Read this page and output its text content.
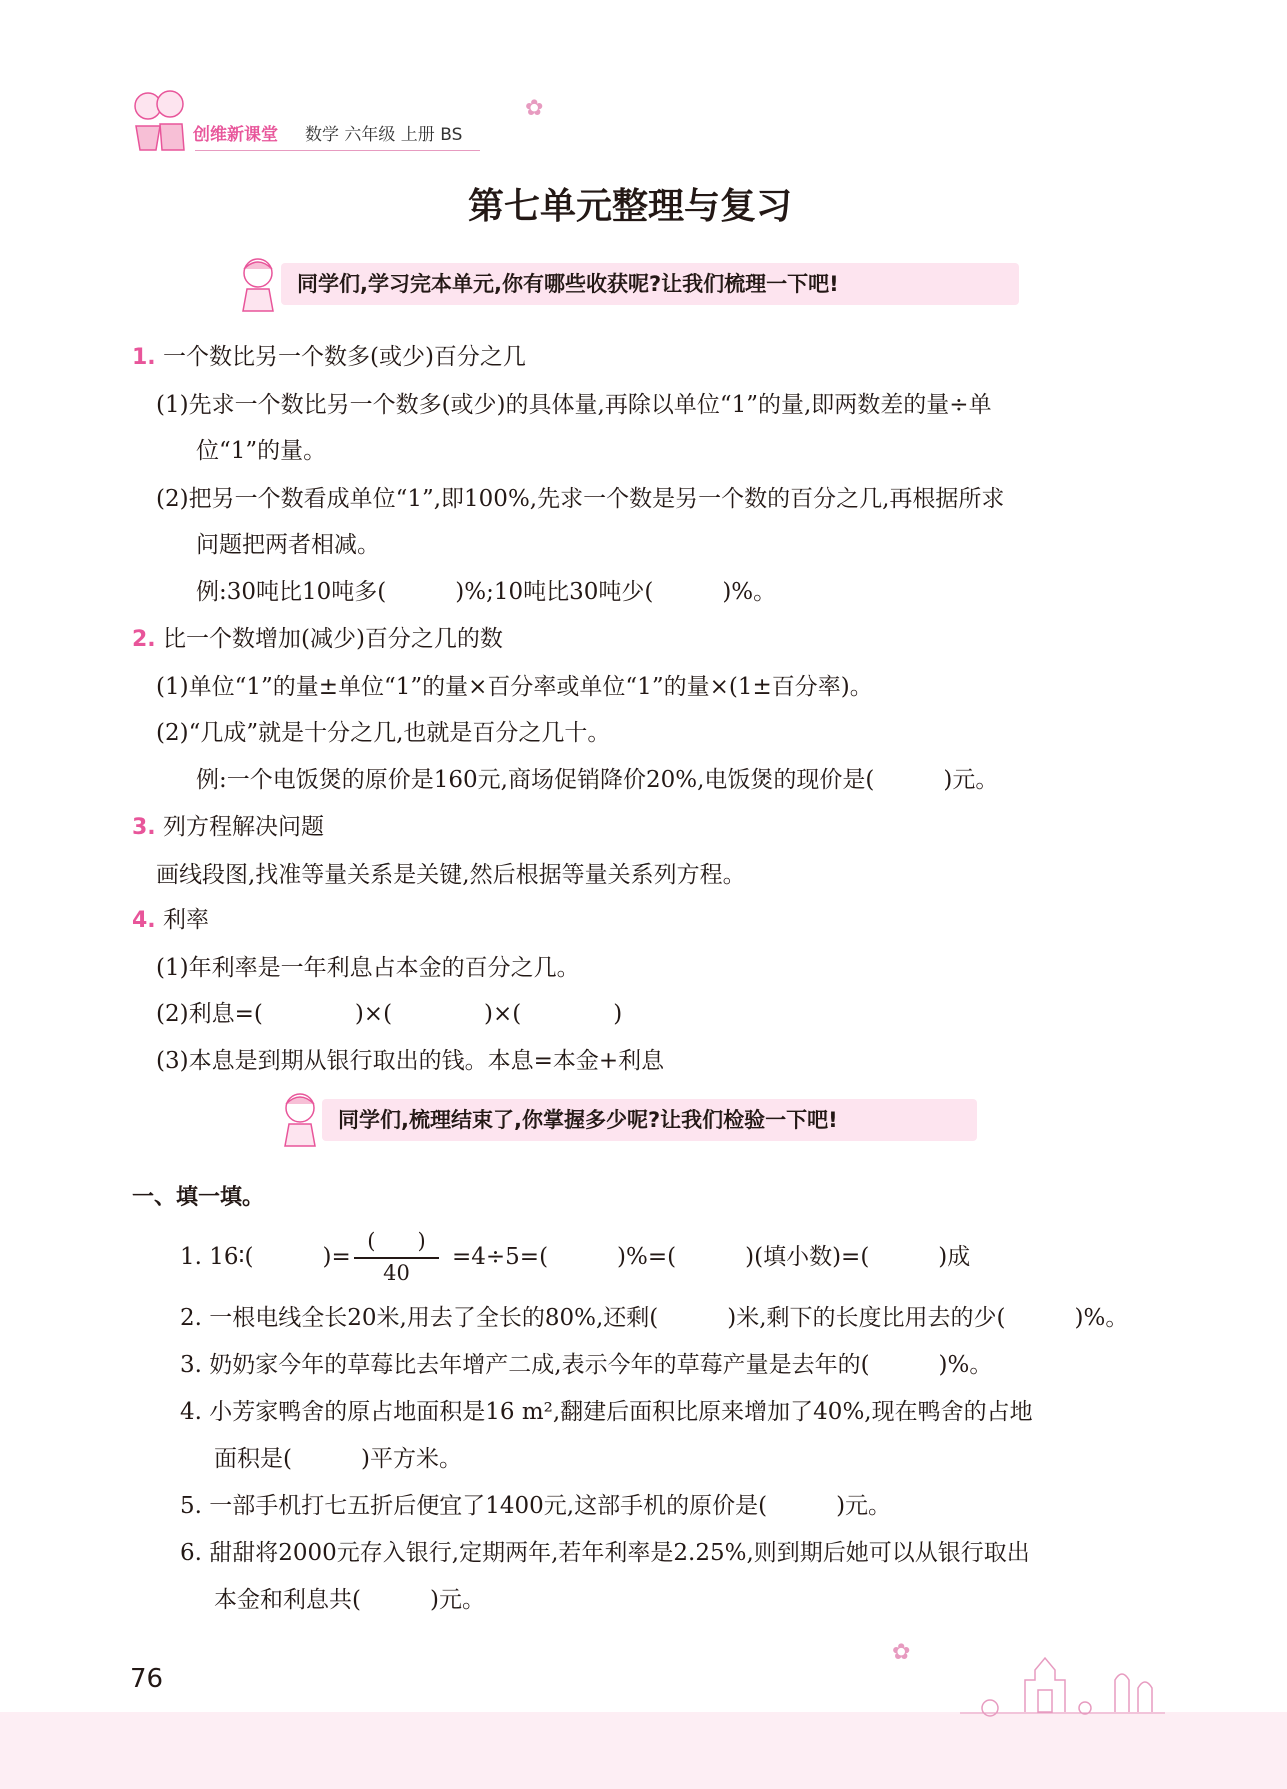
创维新课堂 数学 六年级 上册 BS
✿
第七单元整理与复习
同学们,学习完本单元,你有哪些收获呢?让我们梳理一下吧!
1. 一个数比另一个数多(或少)百分之几
(1)先求一个数比另一个数多(或少)的具体量,再除以单位“1”的量,即两数差的量÷单
位“1”的量。
(2)把另一个数看成单位“1”,即100%,先求一个数是另一个数的百分之几,再根据所求
问题把两者相减。
例:30吨比10吨多(　　　)%;10吨比30吨少(　　　)%。
2. 比一个数增加(减少)百分之几的数
(1)单位“1”的量±单位“1”的量×百分率或单位“1”的量×(1±百分率)。
(2)“几成”就是十分之几,也就是百分之几十。
例:一个电饭煲的原价是160元,商场促销降价20%,电饭煲的现价是(　　　)元。
3. 列方程解决问题
画线段图,找准等量关系是关键,然后根据等量关系列方程。
4. 利率
(1)年利率是一年利息占本金的百分之几。
(2)利息=(　　　　)×(　　　　)×(　　　　)
(3)本息是到期从银行取出的钱。本息=本金+利息
同学们,梳理结束了,你掌握多少呢?让我们检验一下吧!
一、填一填。
1. 16∶(　　　)=
(　　)
40
=4÷5=(　　　)%=(　　　)(填小数)=(　　　)成
2. 一根电线全长20米,用去了全长的80%,还剩(　　　)米,剩下的长度比用去的少(　　　)%。
3. 奶奶家今年的草莓比去年增产二成,表示今年的草莓产量是去年的(　　　)%。
4. 小芳家鸭舍的原占地面积是16 m²,翻建后面积比原来增加了40%,现在鸭舍的占地
面积是(　　　)平方米。
5. 一部手机打七五折后便宜了1400元,这部手机的原价是(　　　)元。
6. 甜甜将2000元存入银行,定期两年,若年利率是2.25%,则到期后她可以从银行取出
本金和利息共(　　　)元。
76
✿
